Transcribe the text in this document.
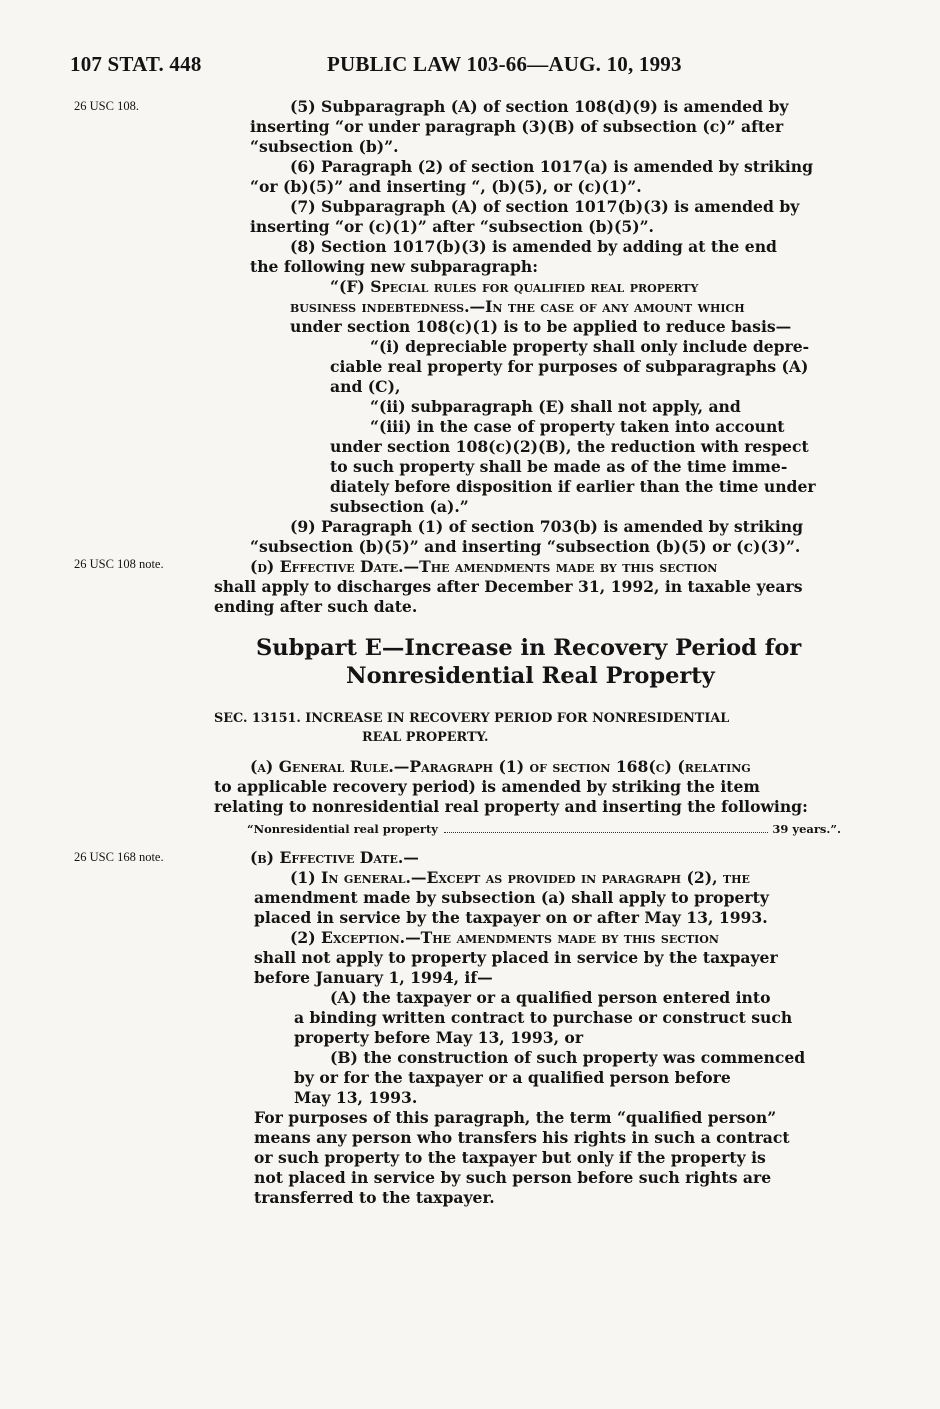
107 STAT. 448	PUBLIC LAW 103-66—AUG. 10, 1993
26 USC 108.
26 USC 108 note.
26 USC 168 note.
(5) Subparagraph (A) of section 108(d)(9) is amended by
inserting “or under paragraph (3)(B) of subsection (c)” after
“subsection (b)”.
(6) Paragraph (2) of section 1017(a) is amended by striking
“or (b)(5)” and inserting “, (b)(5), or (c)(1)”.
(7) Subparagraph (A) of section 1017(b)(3) is amended by
inserting “or (c)(1)” after “subsection (b)(5)”.
(8) Section 1017(b)(3) is amended by adding at the end
the following new subparagraph:
“(F) Special rules for qualified real property
business indebtedness.—In the case of any amount which
under section 108(c)(1) is to be applied to reduce basis—
“(i) depreciable property shall only include depre-
ciable real property for purposes of subparagraphs (A)
and (C),
“(ii) subparagraph (E) shall not apply, and
“(iii) in the case of property taken into account
under section 108(c)(2)(B), the reduction with respect
to such property shall be made as of the time imme-
diately before disposition if earlier than the time under
subsection (a).”
(9) Paragraph (1) of section 703(b) is amended by striking
“subsection (b)(5)” and inserting “subsection (b)(5) or (c)(3)”.
(d) Effective Date.—The amendments made by this section
shall apply to discharges after December 31, 1992, in taxable years
ending after such date.
Subpart E—Increase in Recovery Period for
Nonresidential Real Property
SEC. 13151. INCREASE IN RECOVERY PERIOD FOR NONRESIDENTIAL
REAL PROPERTY.
(a) General Rule.—Paragraph (1) of section 168(c) (relating
to applicable recovery period) is amended by striking the item
relating to nonresidential real property and inserting the following:
“Nonresidential real property	39 years.”.
(b) Effective Date.—
(1) In general.—Except as provided in paragraph (2), the
amendment made by subsection (a) shall apply to property
placed in service by the taxpayer on or after May 13, 1993.
(2) Exception.—The amendments made by this section
shall not apply to property placed in service by the taxpayer
before January 1, 1994, if—
(A) the taxpayer or a qualified person entered into
a binding written contract to purchase or construct such
property before May 13, 1993, or
(B) the construction of such property was commenced
by or for the taxpayer or a qualified person before
May 13, 1993.
For purposes of this paragraph, the term “qualified person”
means any person who transfers his rights in such a contract
or such property to the taxpayer but only if the property is
not placed in service by such person before such rights are
transferred to the taxpayer.
